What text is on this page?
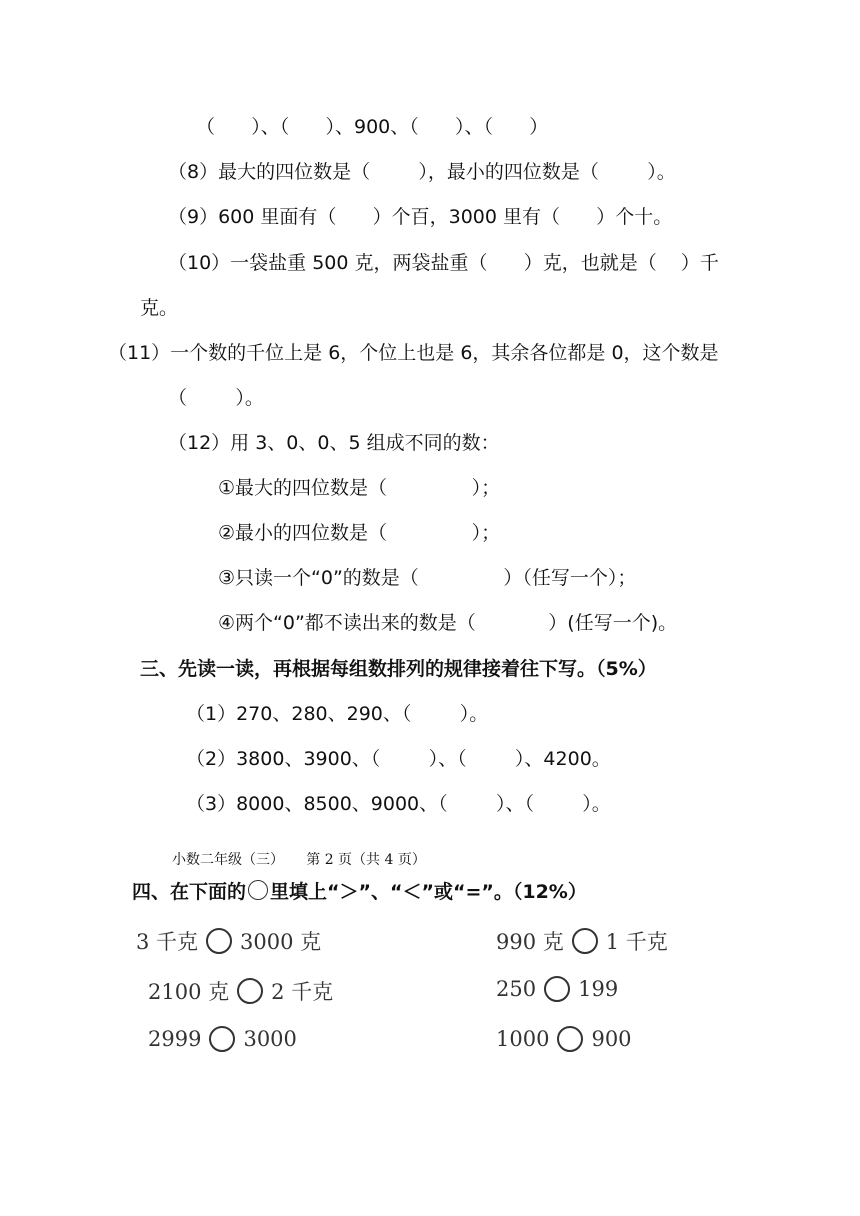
（      ）、（      ）、900、（      ）、（      ）
（8）最大的四位数是（        ），最小的四位数是（        ）。
（9）600 里面有（      ）个百，3000 里有（      ）个十。
（10）一袋盐重 500 克，两袋盐重（      ）克，也就是（    ）千
克。
（11）一个数的千位上是 6，个位上也是 6，其余各位都是 0，这个数是
（        ）。
（12）用 3、0、0、5 组成不同的数：
①最大的四位数是（              ）；
②最小的四位数是（              ）；
③只读一个“0”的数是（              ）（任写一个）；
④两个“0”都不读出来的数是（            ）(任写一个)。
三、先读一读，再根据每组数排列的规律接着往下写。（5%）
（1）270、280、290、（        ）。
（2）3800、3900、（        ）、（        ）、4200。
（3）8000、8500、9000、（        ）、（        ）。
小数二年级（三）     第 2 页（共 4 页）
四、在下面的 里填上“＞”、“＜”或“=”。（12%）
3 千克 3000 克	990 克 1 千克
2100 克 2 千克	250 199
2999 3000	1000 900
